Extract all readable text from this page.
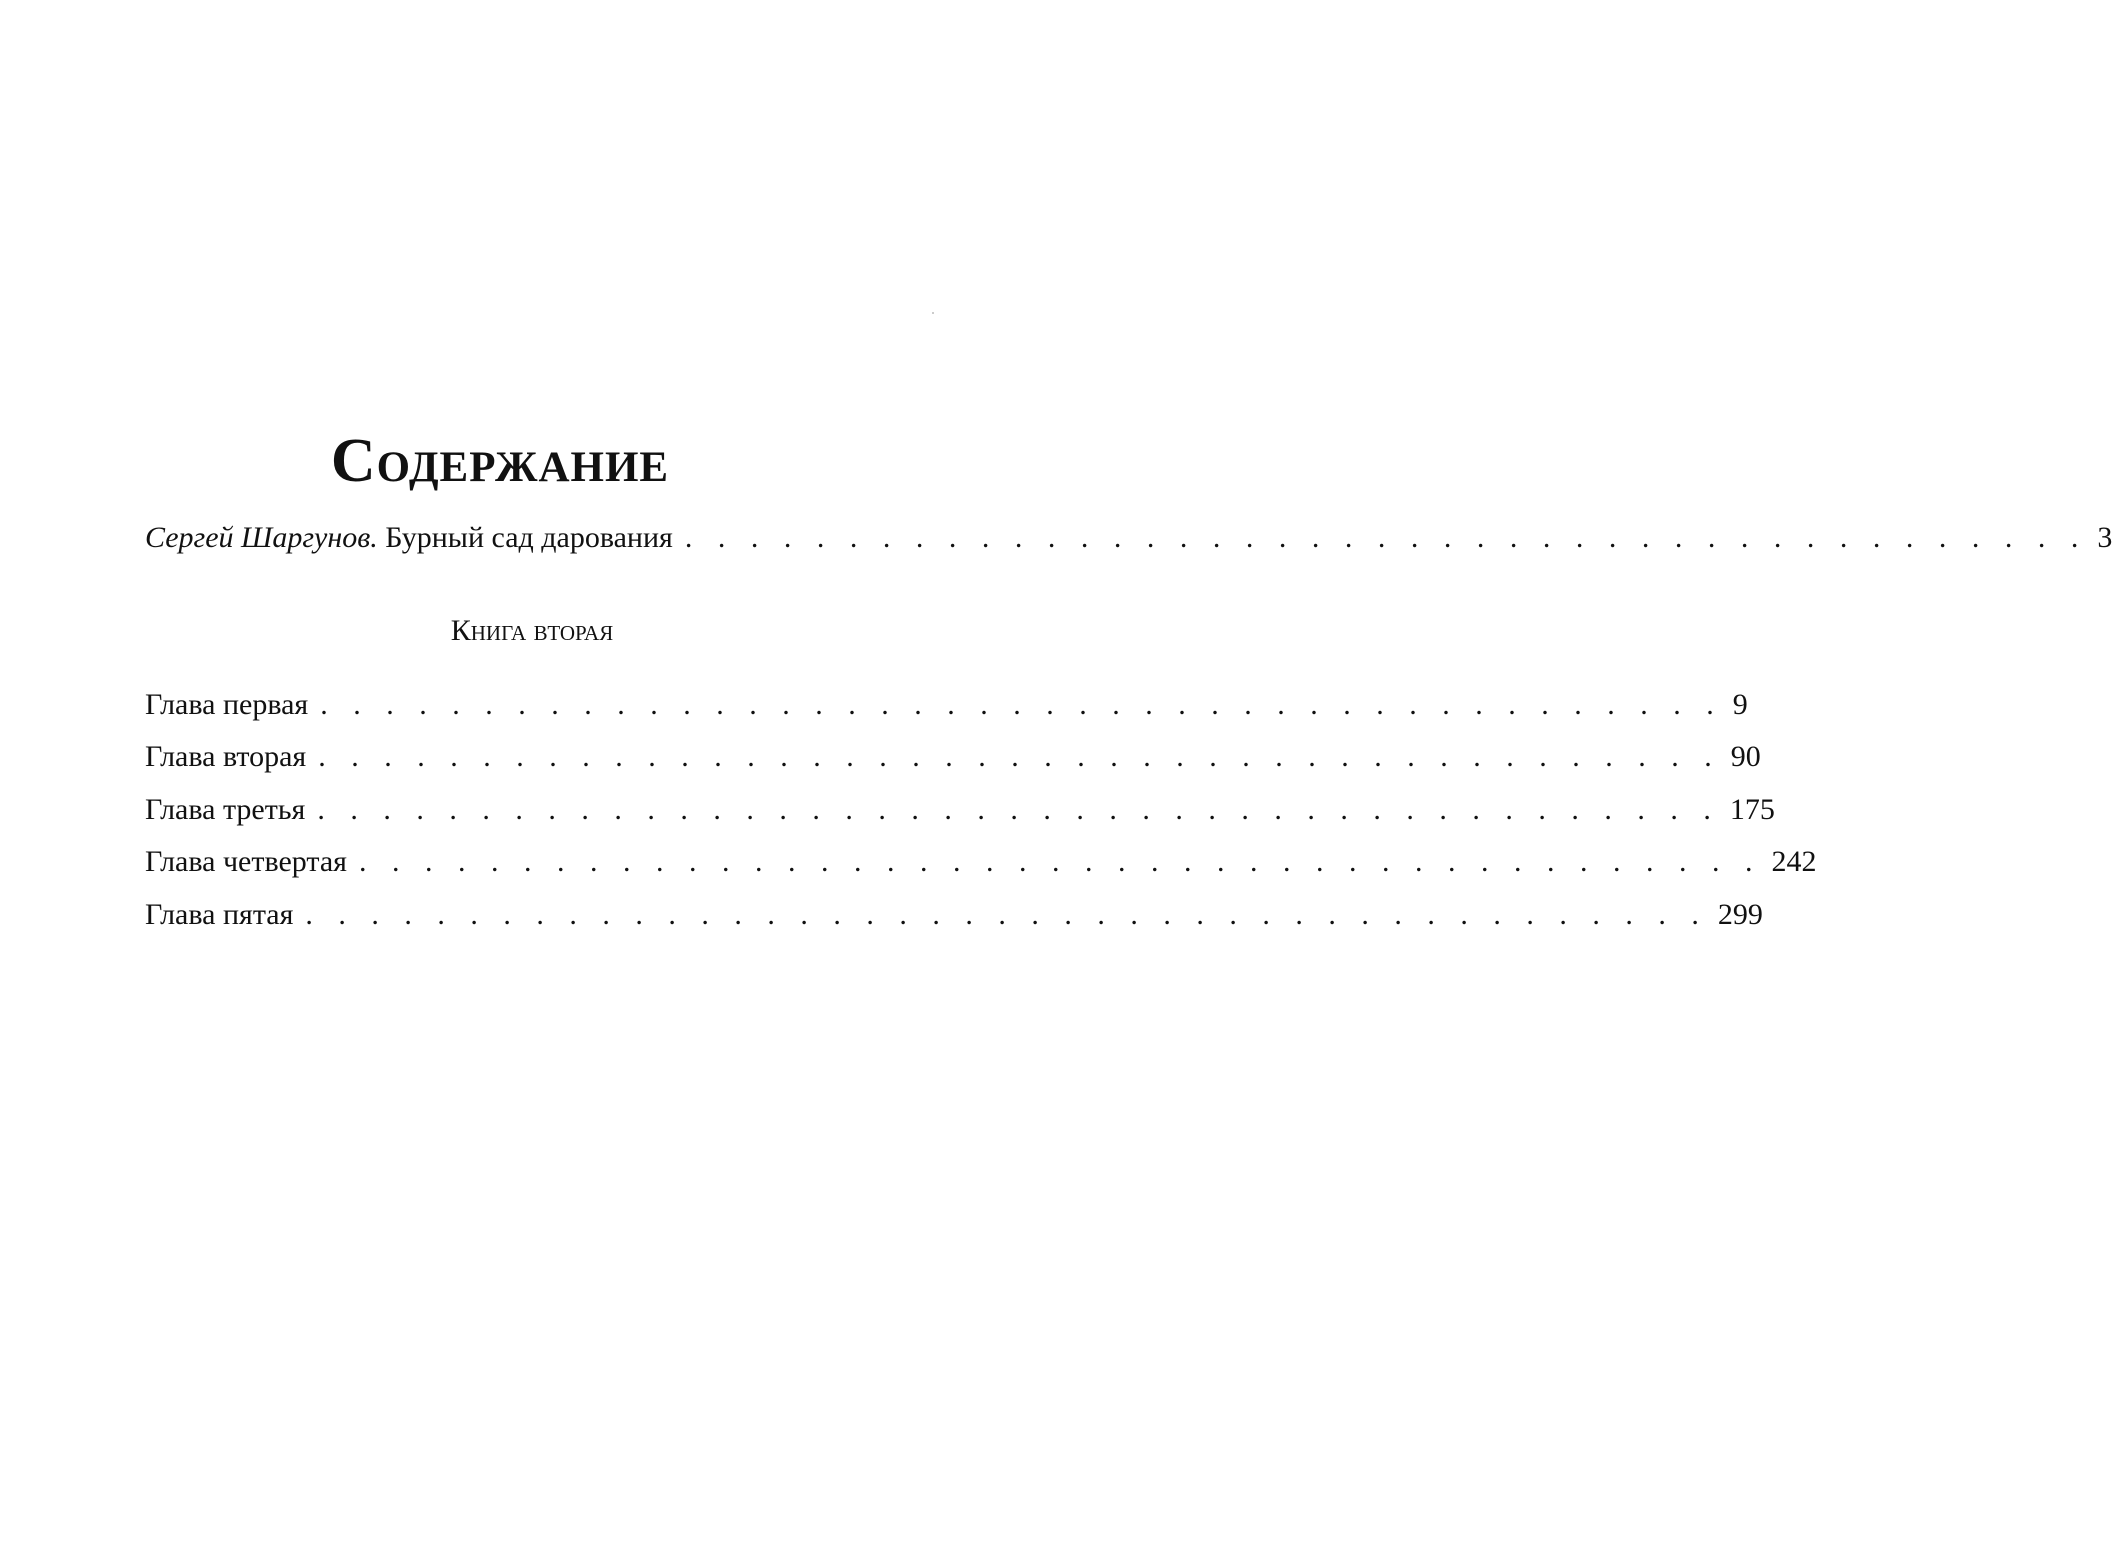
Содержание
Сергей Шаргунов. Бурный сад дарования . . . . . . . . . . . . . . . . . . . . . . . . . . . . . . . . . . . . . . . . . . . 3
Книга вторая
Глава первая . . . . . . . . . . . . . . . . . . . . . . . . . . . . . . . . . . . . . . . . . . . 9
Глава вторая . . . . . . . . . . . . . . . . . . . . . . . . . . . . . . . . . . . . . . . . . . . 90
Глава третья . . . . . . . . . . . . . . . . . . . . . . . . . . . . . . . . . . . . . . . . . . . 175
Глава четвертая . . . . . . . . . . . . . . . . . . . . . . . . . . . . . . . . . . . . . . . . . . . 242
Глава пятая . . . . . . . . . . . . . . . . . . . . . . . . . . . . . . . . . . . . . . . . . . . 299
